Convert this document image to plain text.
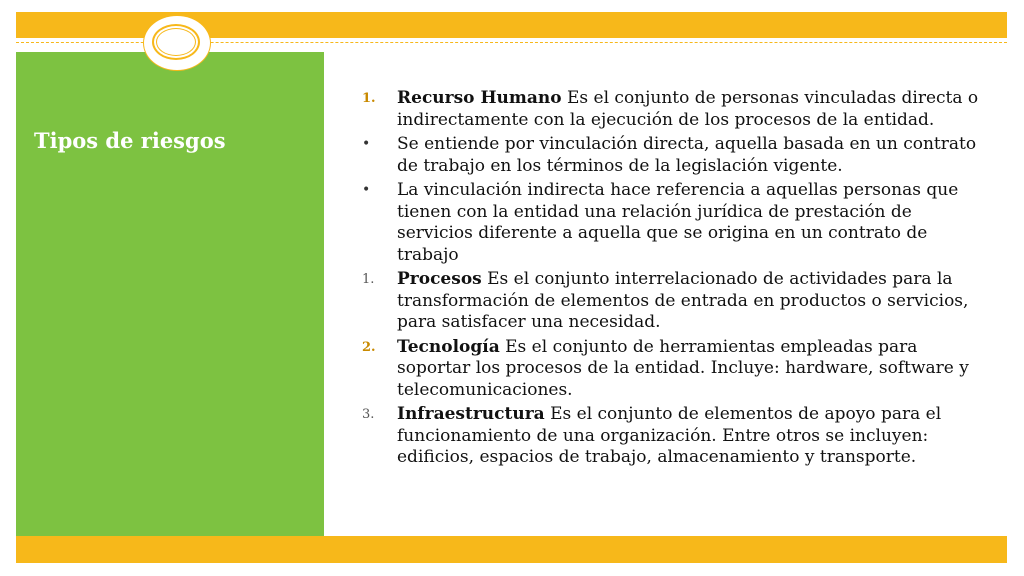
Tipos de riesgos
1.	Recurso Humano Es el conjunto de personas vinculadas directa o indirectamente con la ejecución de los procesos de la entidad.
•	Se entiende por vinculación directa, aquella basada en un contrato de trabajo en los términos de la legislación vigente.
•	La vinculación indirecta hace referencia a aquellas personas que tienen con la entidad una relación jurídica de prestación de servicios diferente a aquella que se origina en un contrato de trabajo
1.	Procesos Es el conjunto interrelacionado de actividades para la transformación de elementos de entrada en productos o servicios, para satisfacer una necesidad.
2.	Tecnología Es el conjunto de herramientas empleadas para soportar los procesos de la entidad. Incluye: hardware, software y telecomunicaciones.
3.	Infraestructura Es el conjunto de elementos de apoyo para el funcionamiento de una organización. Entre otros se incluyen: edificios, espacios de trabajo, almacenamiento y transporte.
